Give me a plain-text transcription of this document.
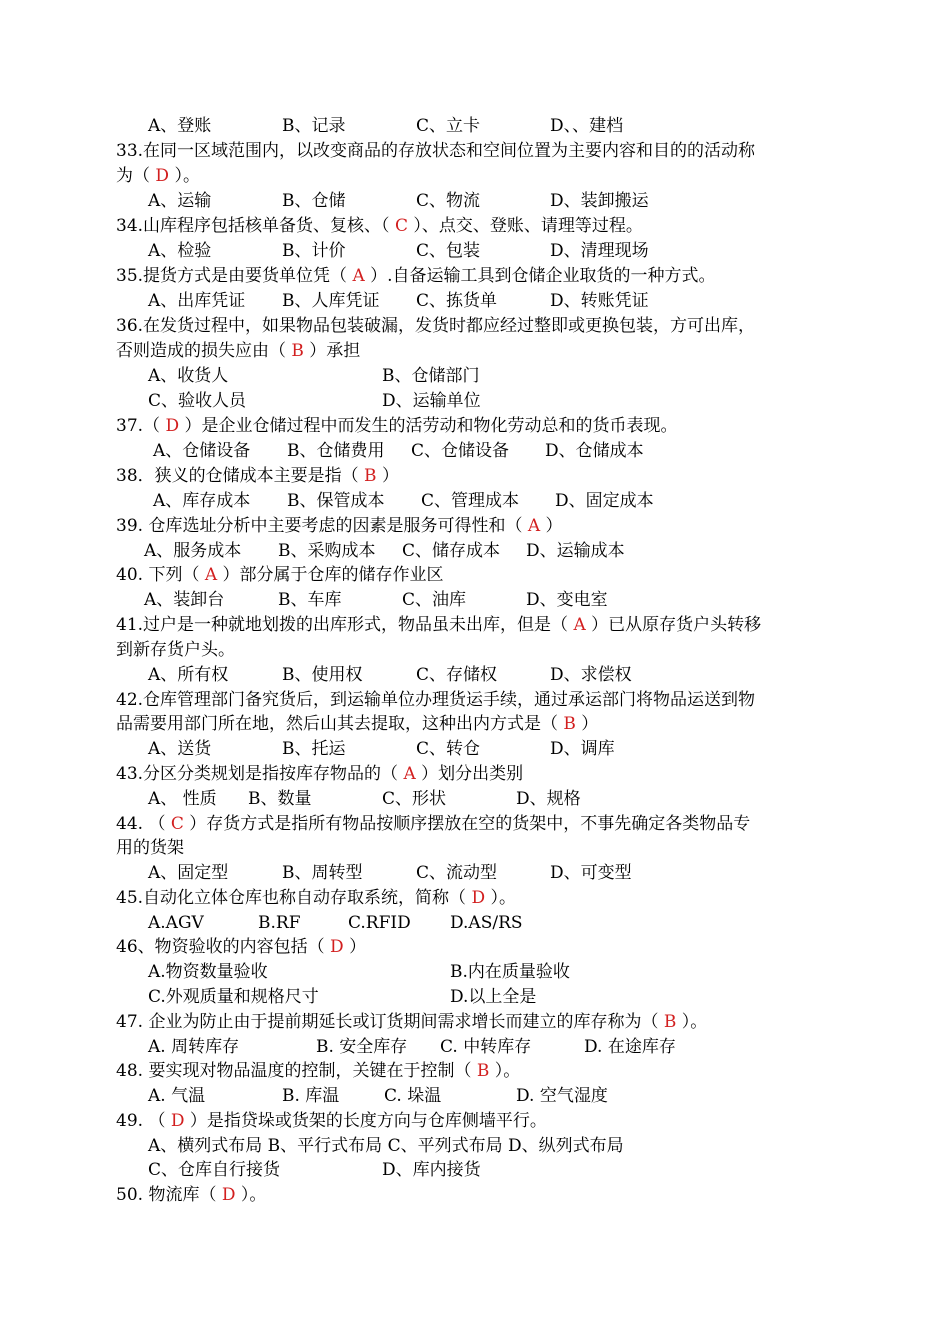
A、登账	B、记录	C、立卡	D、、建档
33.在同一区域范围内，以改变商品的存放状态和空间位置为主要内容和目的的活动称
为（ D ）。
A、运输	B、仓储	C、物流	D、装卸搬运
34.山库程序包括核单备货、复核、（ C ）、点交、登账、请理等过程。
A、检验	B、计价	C、包装	D、清理现场
35.提货方式是由要货单位凭（ A ）.自备运输工具到仓储企业取货的一种方式。
A、出库凭证 B、人库凭证 C、拣货单	D、转账凭证
36.在发货过程中，如果物品包装破漏，发货时都应经过整即或更换包装，方可出库，
否则造成的损失应由（ B ）承担
A、收货人	B、仓储部门
C、验收人员	D、运输单位
37.（ D ）是企业仓储过程中而发生的活劳动和物化劳动总和的货币表现。
A、仓储设备 B、仓储费用 C、仓储设备 D、仓储成本
38．狭义的仓储成本主要是指（ B ）
A、库存成本 B、保管成本 C、管理成本 D、固定成本
39. 仓库选址分析中主要考虑的因素是服务可得性和（ A ）
A、服务成本 B、采购成本 C、储存成本 D、运输成本
40. 下列（ A ）部分属于仓库的储存作业区
A、装卸台	B、车库	C、油库	D、变电室
41.过户是一种就地划拨的出库形式，物品虽未出库，但是（ A ）已从原存货户头转移
到新存货户头。
A、所有权	B、使用权	C、存储权	D、求偿权
42.仓库管理部门备究货后，到运输单位办理货运手续，通过承运部门将物品运送到物
品需要用部门所在地，然后山其去提取，这种出内方式是（ B ）
A、送货	B、托运	C、转仓	D、调库
43.分区分类规划是指按库存物品的（ A ）划分出类别
A、 性质 B、数量	C、形状	D、规格
44. （ C ）存货方式是指所有物品按顺序摆放在空的货架中，不事先确定各类物品专
用的货架
A、固定型	B、周转型	C、流动型	D、可变型
45.自动化立体仓库也称自动存取系统，简称（ D ）。
A.AGV	B.RF	C.RFID D.AS/RS
46、物资验收的内容包括（ D ）
A.物资数量验收	B.内在质量验收
C.外观质量和规格尺寸	D.以上全是
47. 企业为防止由于提前期延长或订货期间需求增长而建立的库存称为（ B ）。
A. 周转库存	B. 安全库存 C. 中转库存	D. 在途库存
48. 要实现对物品温度的控制，关键在于控制（ B ）。
A. 气温	B. 库温	C. 垛温	D. 空气湿度
49. （ D ）是指贷垛或货架的长度方向与仓库侧墙平行。
A、横列式布局 B、平行式布局 C、平列式布局 D、纵列式布局
C、仓库自行接货	D、库内接货
50. 物流库（ D ）。
